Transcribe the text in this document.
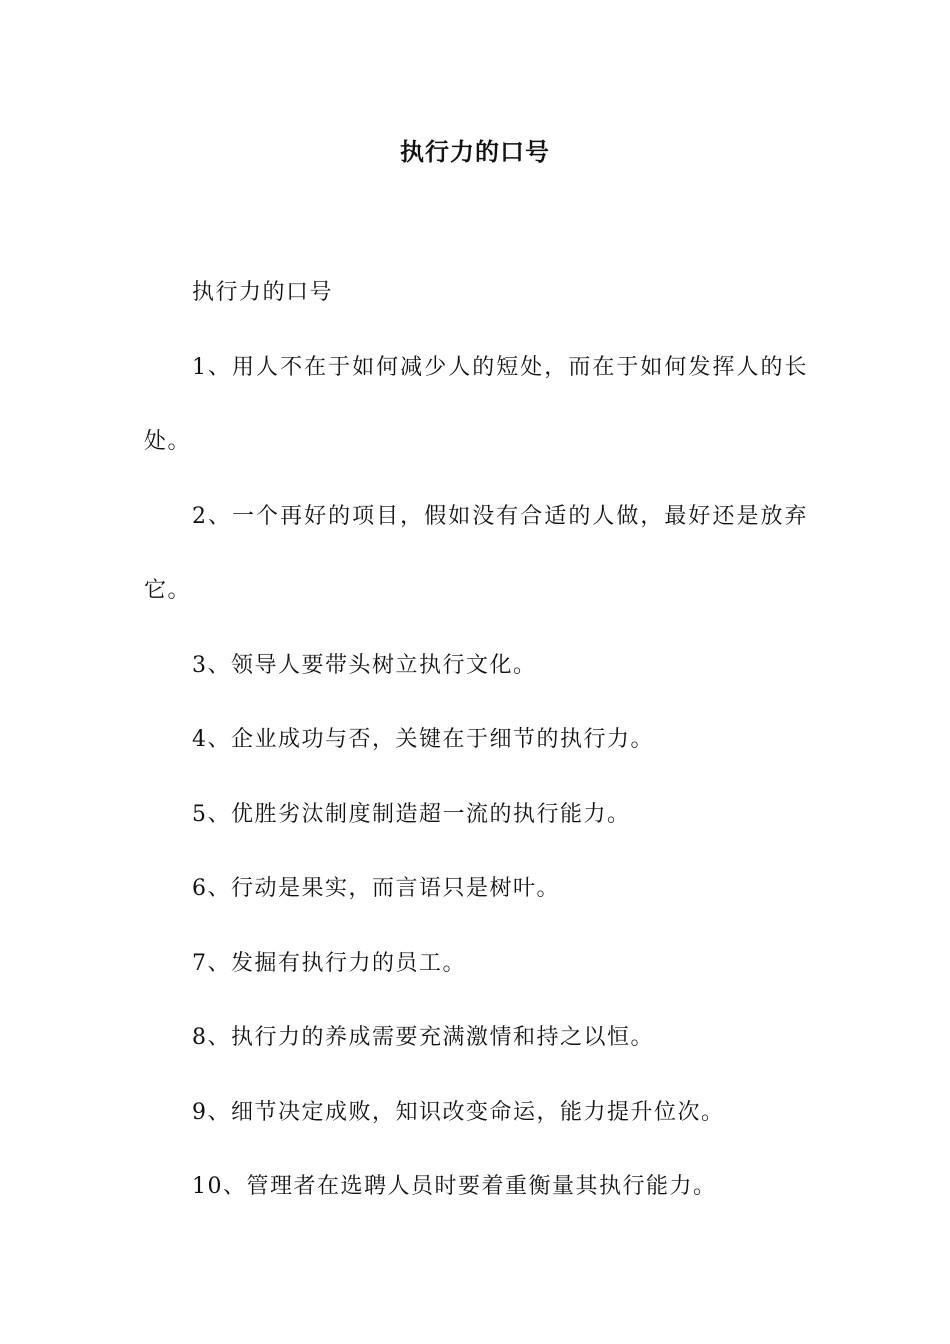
执行力的口号

执行力的口号

1、用人不在于如何减少人的短处，而在于如何发挥人的长处。

2、一个再好的项目，假如没有合适的人做，最好还是放弃它。

3、领导人要带头树立执行文化。

4、企业成功与否，关键在于细节的执行力。

5、优胜劣汰制度制造超一流的执行能力。

6、行动是果实，而言语只是树叶。

7、发掘有执行力的员工。

8、执行力的养成需要充满激情和持之以恒。

9、细节决定成败，知识改变命运，能力提升位次。

10、管理者在选聘人员时要着重衡量其执行能力。
